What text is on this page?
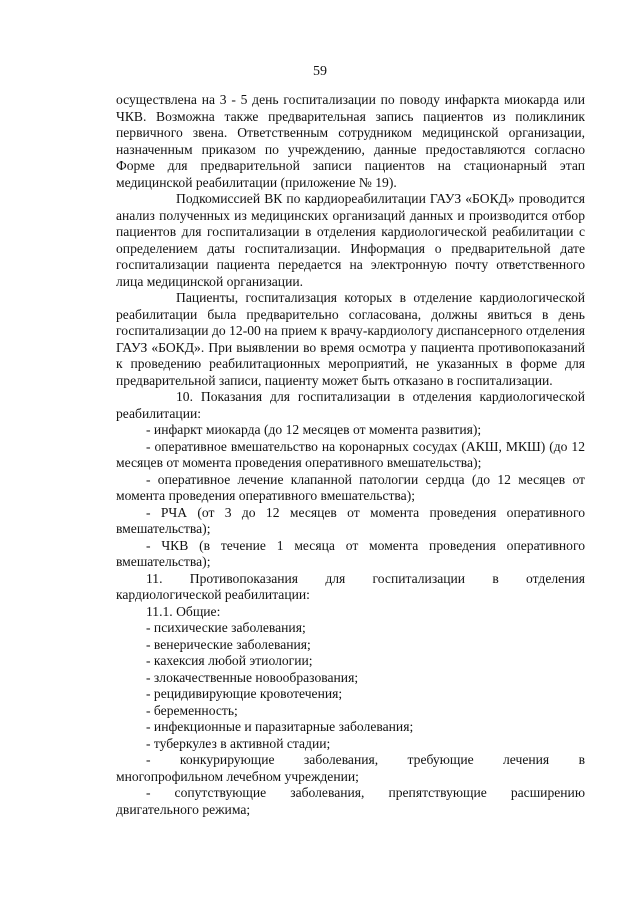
59

осуществлена на 3 - 5 день госпитализации по поводу инфаркта миокарда или ЧКВ. Возможна также предварительная запись пациентов из поликлиник первичного звена. Ответственным сотрудником медицинской организации, назначенным приказом по учреждению, данные предоставляются согласно Форме для предварительной записи пациентов на стационарный этап медицинской реабилитации (приложение № 19).

Подкомиссией ВК по кардиореабилитации ГАУЗ «БОКД» проводится анализ полученных из медицинских организаций данных и производится отбор пациентов для госпитализации в отделения кардиологической реабилитации с определением даты госпитализации. Информация о предварительной дате госпитализации пациента передается на электронную почту ответственного лица медицинской организации.

Пациенты, госпитализация которых в отделение кардиологической реабилитации была предварительно согласована, должны явиться в день госпитализации до 12-00 на прием к врачу-кардиологу диспансерного отделения ГАУЗ «БОКД». При выявлении во время осмотра у пациента противопоказаний к проведению реабилитационных мероприятий, не указанных в форме для предварительной записи, пациенту может быть отказано в госпитализации.

10. Показания для госпитализации в отделения кардиологической реабилитации:

- инфаркт миокарда (до 12 месяцев от момента развития);

- оперативное вмешательство на коронарных сосудах (АКШ, МКШ) (до 12 месяцев от момента проведения оперативного вмешательства);

- оперативное лечение клапанной патологии сердца (до 12 месяцев от момента проведения оперативного вмешательства);

- РЧА (от 3 до 12 месяцев от момента проведения оперативного вмешательства);

- ЧКВ (в течение 1 месяца от момента проведения оперативного вмешательства);

11. Противопоказания для госпитализации в отделения

кардиологической реабилитации:

11.1. Общие:

- психические заболевания;

- венерические заболевания;

- кахексия любой этиологии;

- злокачественные новообразования;

- рецидивирующие кровотечения;

- беременность;

- инфекционные и паразитарные заболевания;

- туберкулез в активной стадии;

- конкурирующие заболевания, требующие лечения в

многопрофильном лечебном учреждении;

- сопутствующие заболевания, препятствующие расширению

двигательного режима;
